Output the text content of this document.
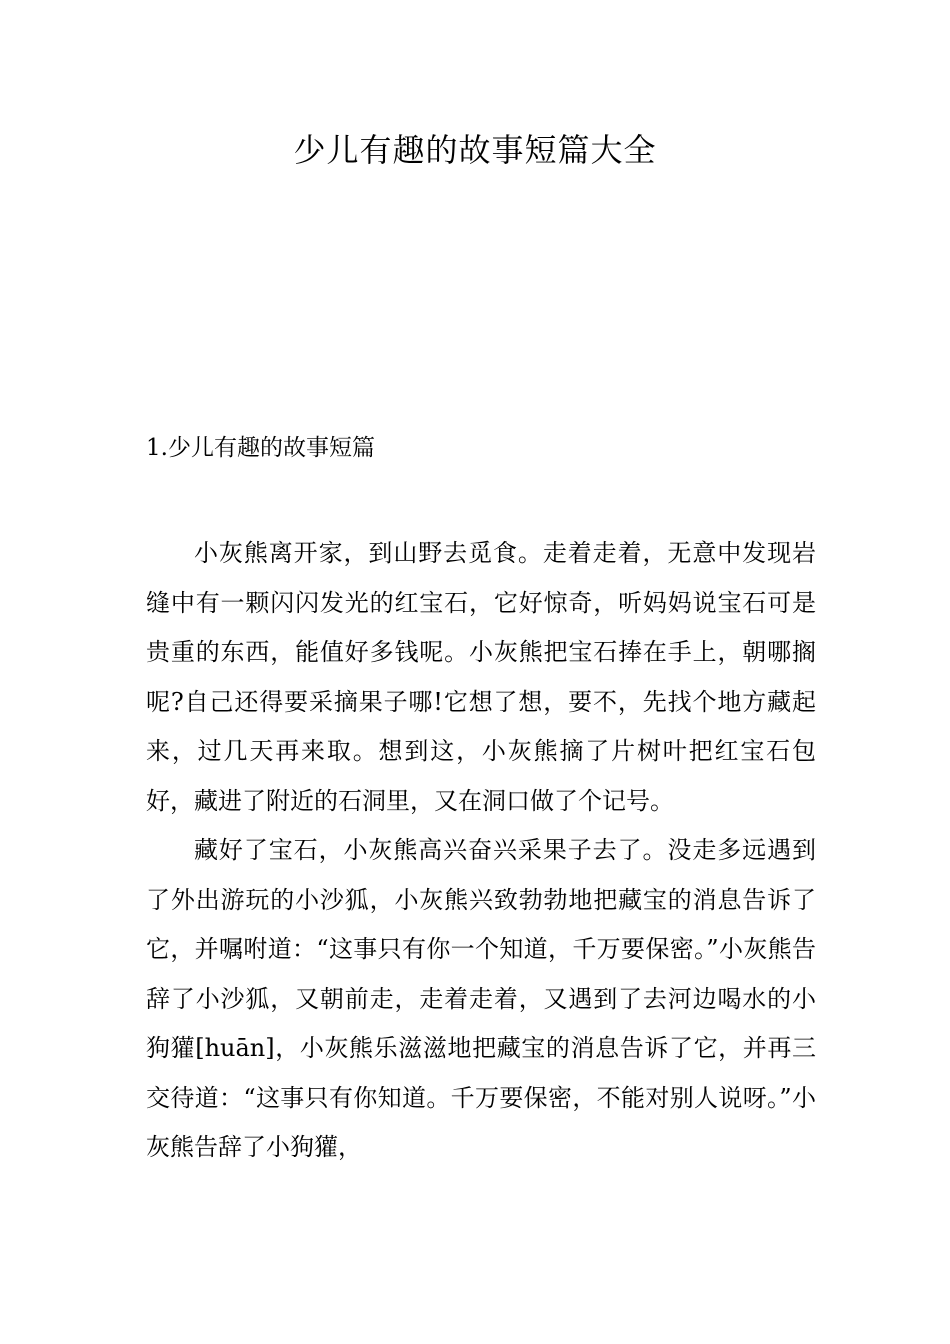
少儿有趣的故事短篇大全
1.少儿有趣的故事短篇

小灰熊离开家，到山野去觅食。走着走着，无意中发现岩缝中有一颗闪闪发光的红宝石，它好惊奇，听妈妈说宝石可是贵重的东西，能值好多钱呢。小灰熊把宝石捧在手上，朝哪搁呢?自己还得要采摘果子哪!它想了想，要不，先找个地方藏起来，过几天再来取。想到这，小灰熊摘了片树叶把红宝石包好，藏进了附近的石洞里，又在洞口做了个记号。

藏好了宝石，小灰熊高兴奋兴采果子去了。没走多远遇到了外出游玩的小沙狐，小灰熊兴致勃勃地把藏宝的消息告诉了它，并嘱咐道：“这事只有你一个知道，千万要保密。”小灰熊告辞了小沙狐，又朝前走，走着走着，又遇到了去河边喝水的小狗獾[huān]，小灰熊乐滋滋地把藏宝的消息告诉了它，并再三交待道：“这事只有你知道。千万要保密，不能对别人说呀。”小灰熊告辞了小狗獾，
